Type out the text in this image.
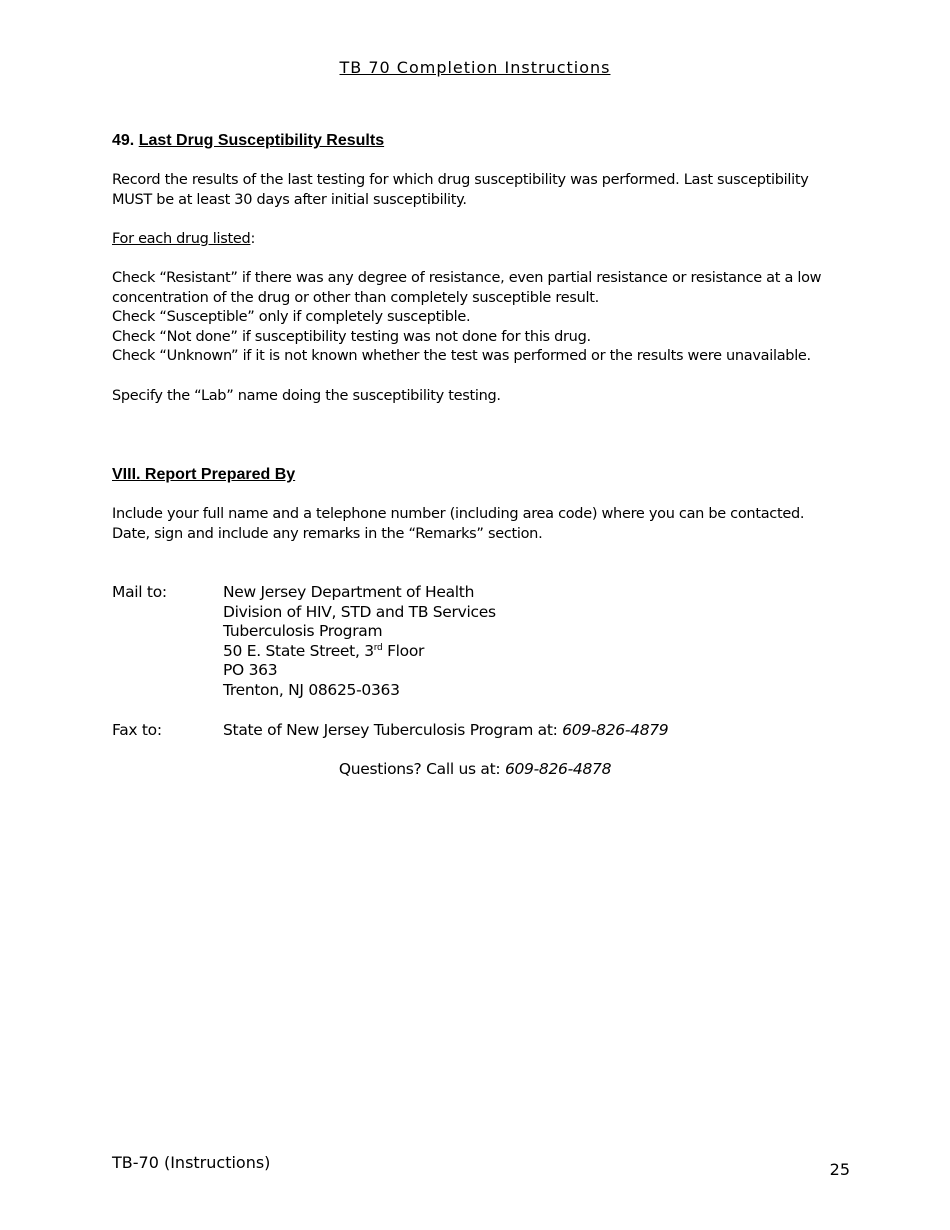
TB 70 Completion Instructions
49. Last Drug Susceptibility Results
Record the results of the last testing for which drug susceptibility was performed. Last susceptibility
MUST be at least 30 days after initial susceptibility.
For each drug listed:
Check “Resistant” if there was any degree of resistance, even partial resistance or resistance at a low
concentration of the drug or other than completely susceptible result.
Check “Susceptible” only if completely susceptible.
Check “Not done” if susceptibility testing was not done for this drug.
Check “Unknown” if it is not known whether the test was performed or the results were unavailable.
Specify the “Lab” name doing the susceptibility testing.
VIII. Report Prepared By
Include your full name and a telephone number (including area code) where you can be contacted.
Date, sign and include any remarks in the “Remarks” section.
Mail to:	New Jersey Department of Health
Division of HIV, STD and TB Services
Tuberculosis Program
50 E. State Street, 3rd Floor
PO 363
Trenton, NJ 08625-0363
Fax to:	State of New Jersey Tuberculosis Program at: 609-826-4879
Questions? Call us at: 609-826-4878
TB-70 (Instructions)	25
